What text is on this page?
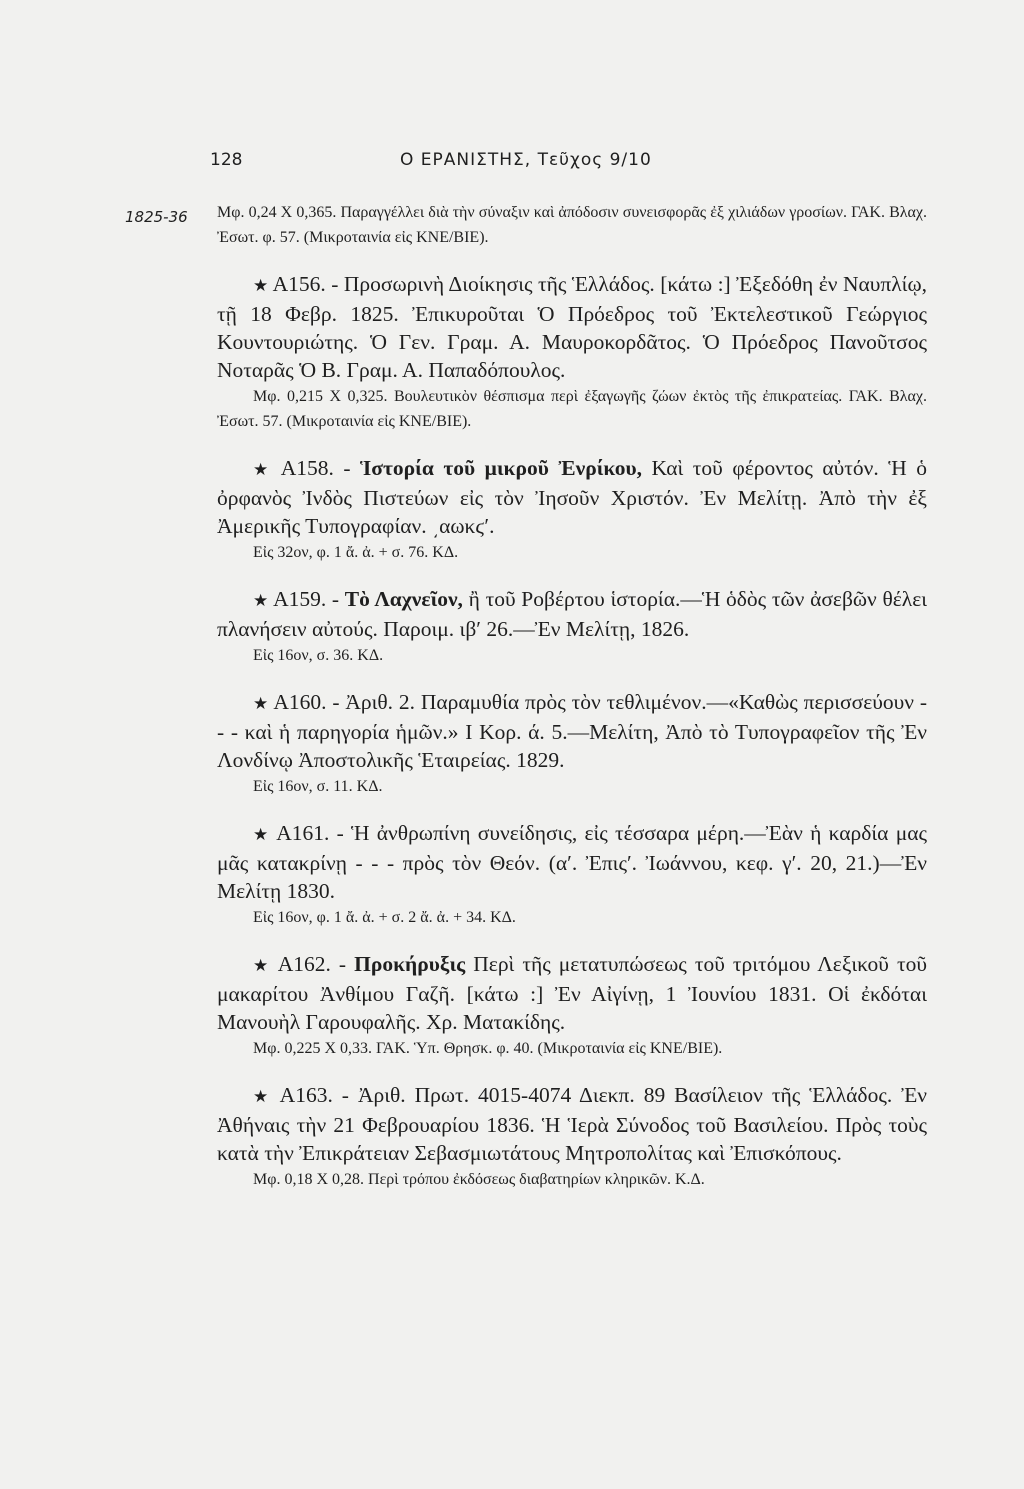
128	Ο ΕΡΑΝΙΣΤΗΣ, Τεῦχος 9/10
1825-36 Μφ. 0,24 Χ 0,365. Παραγγέλλει διὰ τὴν σύναξιν καὶ ἀπόδοσιν συνεισφορᾶς ἐξ χιλιάδων γροσίων. ΓΑΚ. Βλαχ. Ἐσωτ. φ. 57. (Μικροταινία εἰς ΚΝΕ/ΒΙΕ).

★ A156. - Προσωρινὴ Διοίκησις τῆς Ἑλλάδος. [κάτω :] Ἐξεδόθη ἐν Ναυπλίῳ, τῇ 18 Φεβρ. 1825. Ἐπικυροῦται Ὁ Πρόεδρος τοῦ Ἐκτελεστικοῦ Γεώργιος Κουντουριώτης. Ὁ Γεν. Γραμ. Α. Μαυροκορδᾶτος. Ὁ Πρόεδρος Πανοῦτσος Νοταρᾶς Ὁ Β. Γραμ. Α. Παπαδόπουλος.

Μφ. 0,215 Χ 0,325. Βουλευτικὸν θέσπισμα περὶ ἐξαγωγῆς ζώων ἐκτὸς τῆς ἐπικρατείας. ΓΑΚ. Βλαχ. Ἐσωτ. 57. (Μικροταινία εἰς ΚΝΕ/ΒΙΕ).

★ A158. - Ἱστορία τοῦ μικροῦ Ἐνρίκου, Καὶ τοῦ φέροντος αὐτόν. Ἡ ὁ ὀρφανὸς Ἰνδὸς Πιστεύων εἰς τὸν Ἰησοῦν Χριστόν. Ἐν Μελίτῃ. Ἀπὸ τὴν ἐξ Ἀμερικῆς Τυπογραφίαν. ͵αωκϛʹ.

Εἰς 32ον, φ. 1 ἄ. ἀ. + σ. 76. ΚΔ.

★ A159. - Τὸ Λαχνεῖον, ἢ τοῦ Ροβέρτου ἱστορία.—Ἡ ὁδὸς τῶν ἀσεβῶν θέλει πλανήσειν αὐτούς. Παροιμ. ιβʹ 26.—Ἐν Μελίτῃ, 1826.

Εἰς 16ον, σ. 36. ΚΔ.

★ A160. - Ἀριθ. 2. Παραμυθία πρὸς τὸν τεθλιμένον.—«Καθὼς περισσεύουν - - - καὶ ἡ παρηγορία ἡμῶν.» Ι Κορ. ά. 5.—Μελίτη, Ἀπὸ τὸ Τυπογραφεῖον τῆς Ἐν Λονδίνῳ Ἀποστολικῆς Ἑταιρείας. 1829.

Εἰς 16ον, σ. 11. ΚΔ.

★ A161. - Ἡ ἀνθρωπίνη συνείδησις, εἰς τέσσαρα μέρη.—Ἐὰν ἡ καρδία μας μᾶς κατακρίνῃ - - - πρὸς τὸν Θεόν. (αʹ. Ἐπιςʹ. Ἰωάννου, κεφ. γʹ. 20, 21.)—Ἐν Μελίτῃ 1830.

Εἰς 16ον, φ. 1 ἄ. ἀ. + σ. 2 ἄ. ἀ. + 34. ΚΔ.

★ A162. - Προκήρυξις Περὶ τῆς μετατυπώσεως τοῦ τριτόμου Λεξικοῦ τοῦ μακαρίτου Ἀνθίμου Γαζῆ. [κάτω :] Ἐν Αἰγίνῃ, 1 Ἰουνίου 1831. Οἱ ἐκδόται Μανουὴλ Γαρουφαλῆς. Χρ. Ματακίδης.

Μφ. 0,225 Χ 0,33. ΓΑΚ. Ὑπ. Θρησκ. φ. 40. (Μικροταινία εἰς ΚΝΕ/ΒΙΕ).

★ A163. - Ἀριθ. Πρωτ. 4015-4074 Διεκπ. 89 Βασίλειον τῆς Ἑλλάδος. Ἐν Ἀθήναις τὴν 21 Φεβρουαρίου 1836. Ἡ Ἱερὰ Σύνοδος τοῦ Βασιλείου. Πρὸς τοὺς κατὰ τὴν Ἐπικράτειαν Σεβασμιωτάτους Μητροπολίτας καὶ Ἐπισκόπους.

Μφ. 0,18 Χ 0,28. Περὶ τρόπου ἐκδόσεως διαβατηρίων κληρικῶν. Κ.Δ.
